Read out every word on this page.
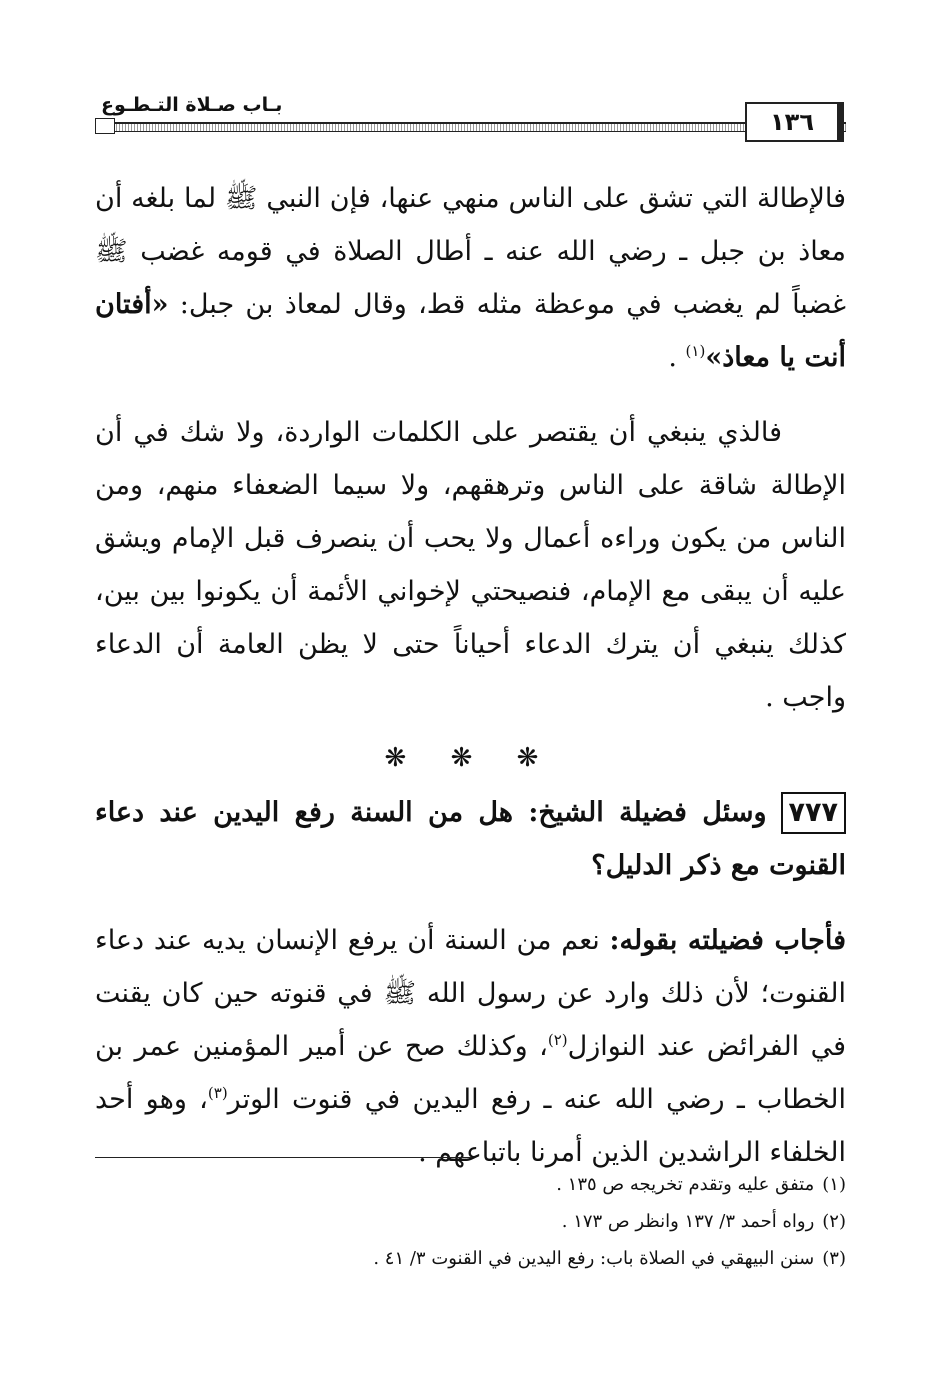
١٣٦
بـاب صـلاة التـطـوع

فالإطالة التي تشق على الناس منهي عنها، فإن النبي ﷺ لما بلغه أن معاذ بن جبل ـ رضي الله عنه ـ أطال الصلاة في قومه غضب ﷺ غضباً لم يغضب في موعظة مثله قط، وقال لمعاذ بن جبل: «أفتان أنت يا معاذ»$^{(١)}$ .

فالذي ينبغي أن يقتصر على الكلمات الواردة، ولا شك في أن الإطالة شاقة على الناس وترهقهم، ولا سيما الضعفاء منهم، ومن الناس من يكون وراءه أعمال ولا يحب أن ينصرف قبل الإمام ويشق عليه أن يبقى مع الإمام، فنصيحتي لإخواني الأئمة أن يكونوا بين بين، كذلك ينبغي أن يترك الدعاء أحياناً حتى لا يظن العامة أن الدعاء واجب .

❋ ❋ ❋

٧٧٧وسئل فضيلة الشيخ: هل من السنة رفع اليدين عند دعاء القنوت مع ذكر الدليل؟

فأجاب فضيلته بقوله: نعم من السنة أن يرفع الإنسان يديه عند دعاء القنوت؛ لأن ذلك وارد عن رسول الله ﷺ في قنوته حين كان يقنت في الفرائض عند النوازل$^{(٢)}$، وكذلك صح عن أمير المؤمنين عمر بن الخطاب ـ رضي الله عنه ـ رفع اليدين في قنوت الوتر$^{(٣)}$، وهو أحد الخلفاء الراشدين الذين أمرنا باتباعهم .

(١)متفق عليه وتقدم تخريجه ص ١٣٥ .
(٢)رواه أحمد ٣/ ١٣٧ وانظر ص ١٧٣ .
(٣)سنن البيهقي في الصلاة باب: رفع اليدين في القنوت ٣/ ٤١ .
